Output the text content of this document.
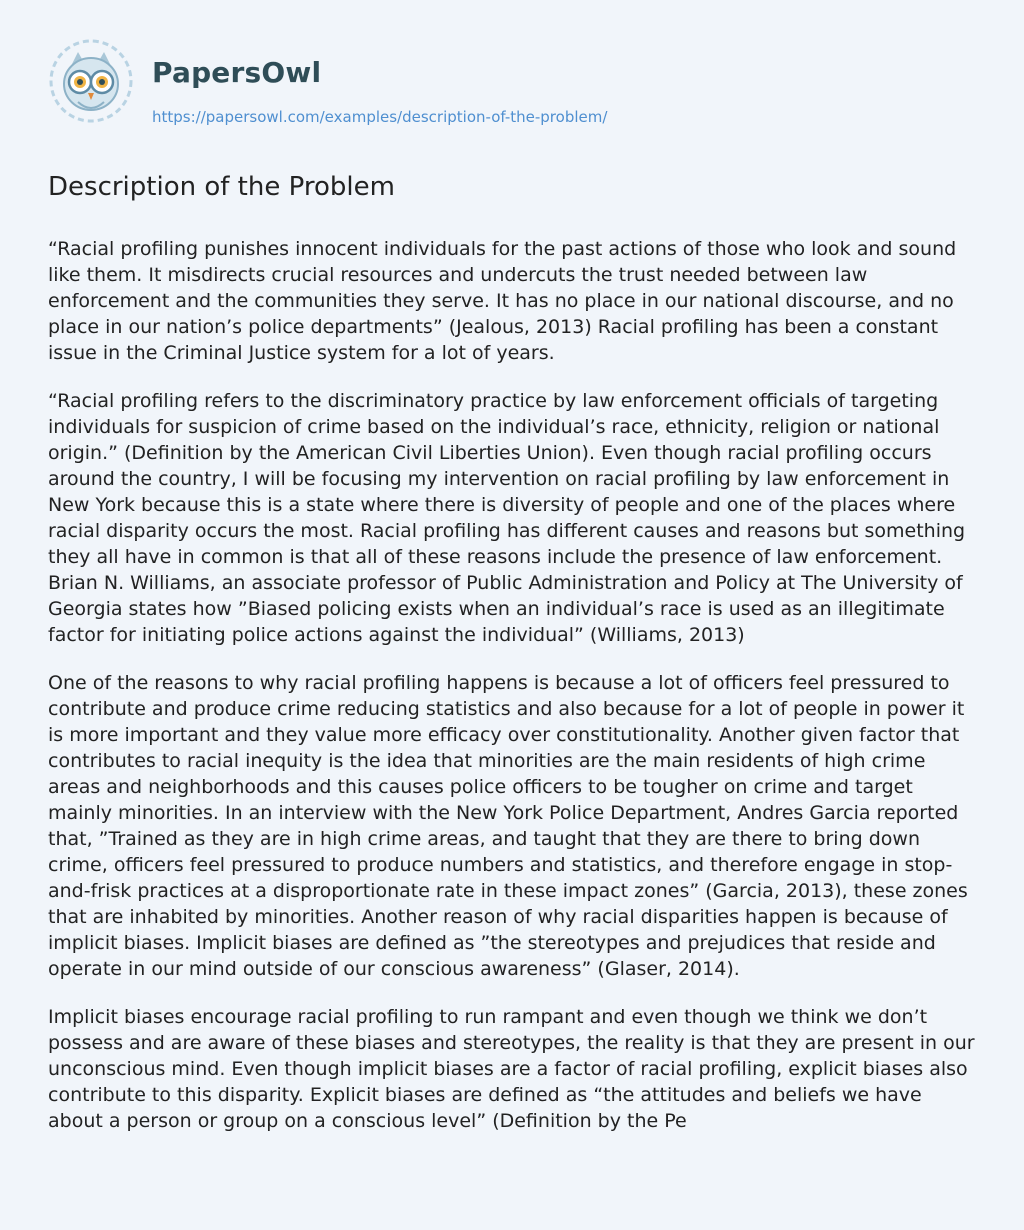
PapersOwl
https://papersowl.com/examples/description-of-the-problem/
Description of the Problem

“Racial profiling punishes innocent individuals for the past actions of those who look and sound like them. It misdirects crucial resources and undercuts the trust needed between law enforcement and the communities they serve. It has no place in our national discourse, and no place in our nation’s police departments” (Jealous, 2013) Racial profiling has been a constant issue in the Criminal Justice system for a lot of years.

“Racial profiling refers to the discriminatory practice by law enforcement officials of targeting individuals for suspicion of crime based on the individual’s race, ethnicity, religion or national origin.” (Definition by the American Civil Liberties Union). Even though racial profiling occurs around the country, I will be focusing my intervention on racial profiling by law enforcement in New York because this is a state where there is diversity of people and one of the places where racial disparity occurs the most. Racial profiling has different causes and reasons but something they all have in common is that all of these reasons include the presence of law enforcement. Brian N. Williams, an associate professor of Public Administration and Policy at The University of Georgia states how ”Biased policing exists when an individual’s race is used as an illegitimate factor for initiating police actions against the individual” (Williams, 2013)

One of the reasons to why racial profiling happens is because a lot of officers feel pressured to contribute and produce crime reducing statistics and also because for a lot of people in power it is more important and they value more efficacy over constitutionality. Another given factor that contributes to racial inequity is the idea that minorities are the main residents of high crime areas and neighborhoods and this causes police officers to be tougher on crime and target mainly minorities. In an interview with the New York Police Department, Andres Garcia reported that, ”Trained as they are in high crime areas, and taught that they are there to bring down crime, officers feel pressured to produce numbers and statistics, and therefore engage in stop-and-frisk practices at a disproportionate rate in these impact zones” (Garcia, 2013), these zones that are inhabited by minorities. Another reason of why racial disparities happen is because of implicit biases. Implicit biases are defined as ”the stereotypes and prejudices that reside and operate in our mind outside of our conscious awareness” (Glaser, 2014).

Implicit biases encourage racial profiling to run rampant and even though we think we don’t possess and are aware of these biases and stereotypes, the reality is that they are present in our unconscious mind. Even though implicit biases are a factor of racial profiling, explicit biases also contribute to this disparity. Explicit biases are defined as “the attitudes and beliefs we have about a person or group on a conscious level” (Definition by the Pe
